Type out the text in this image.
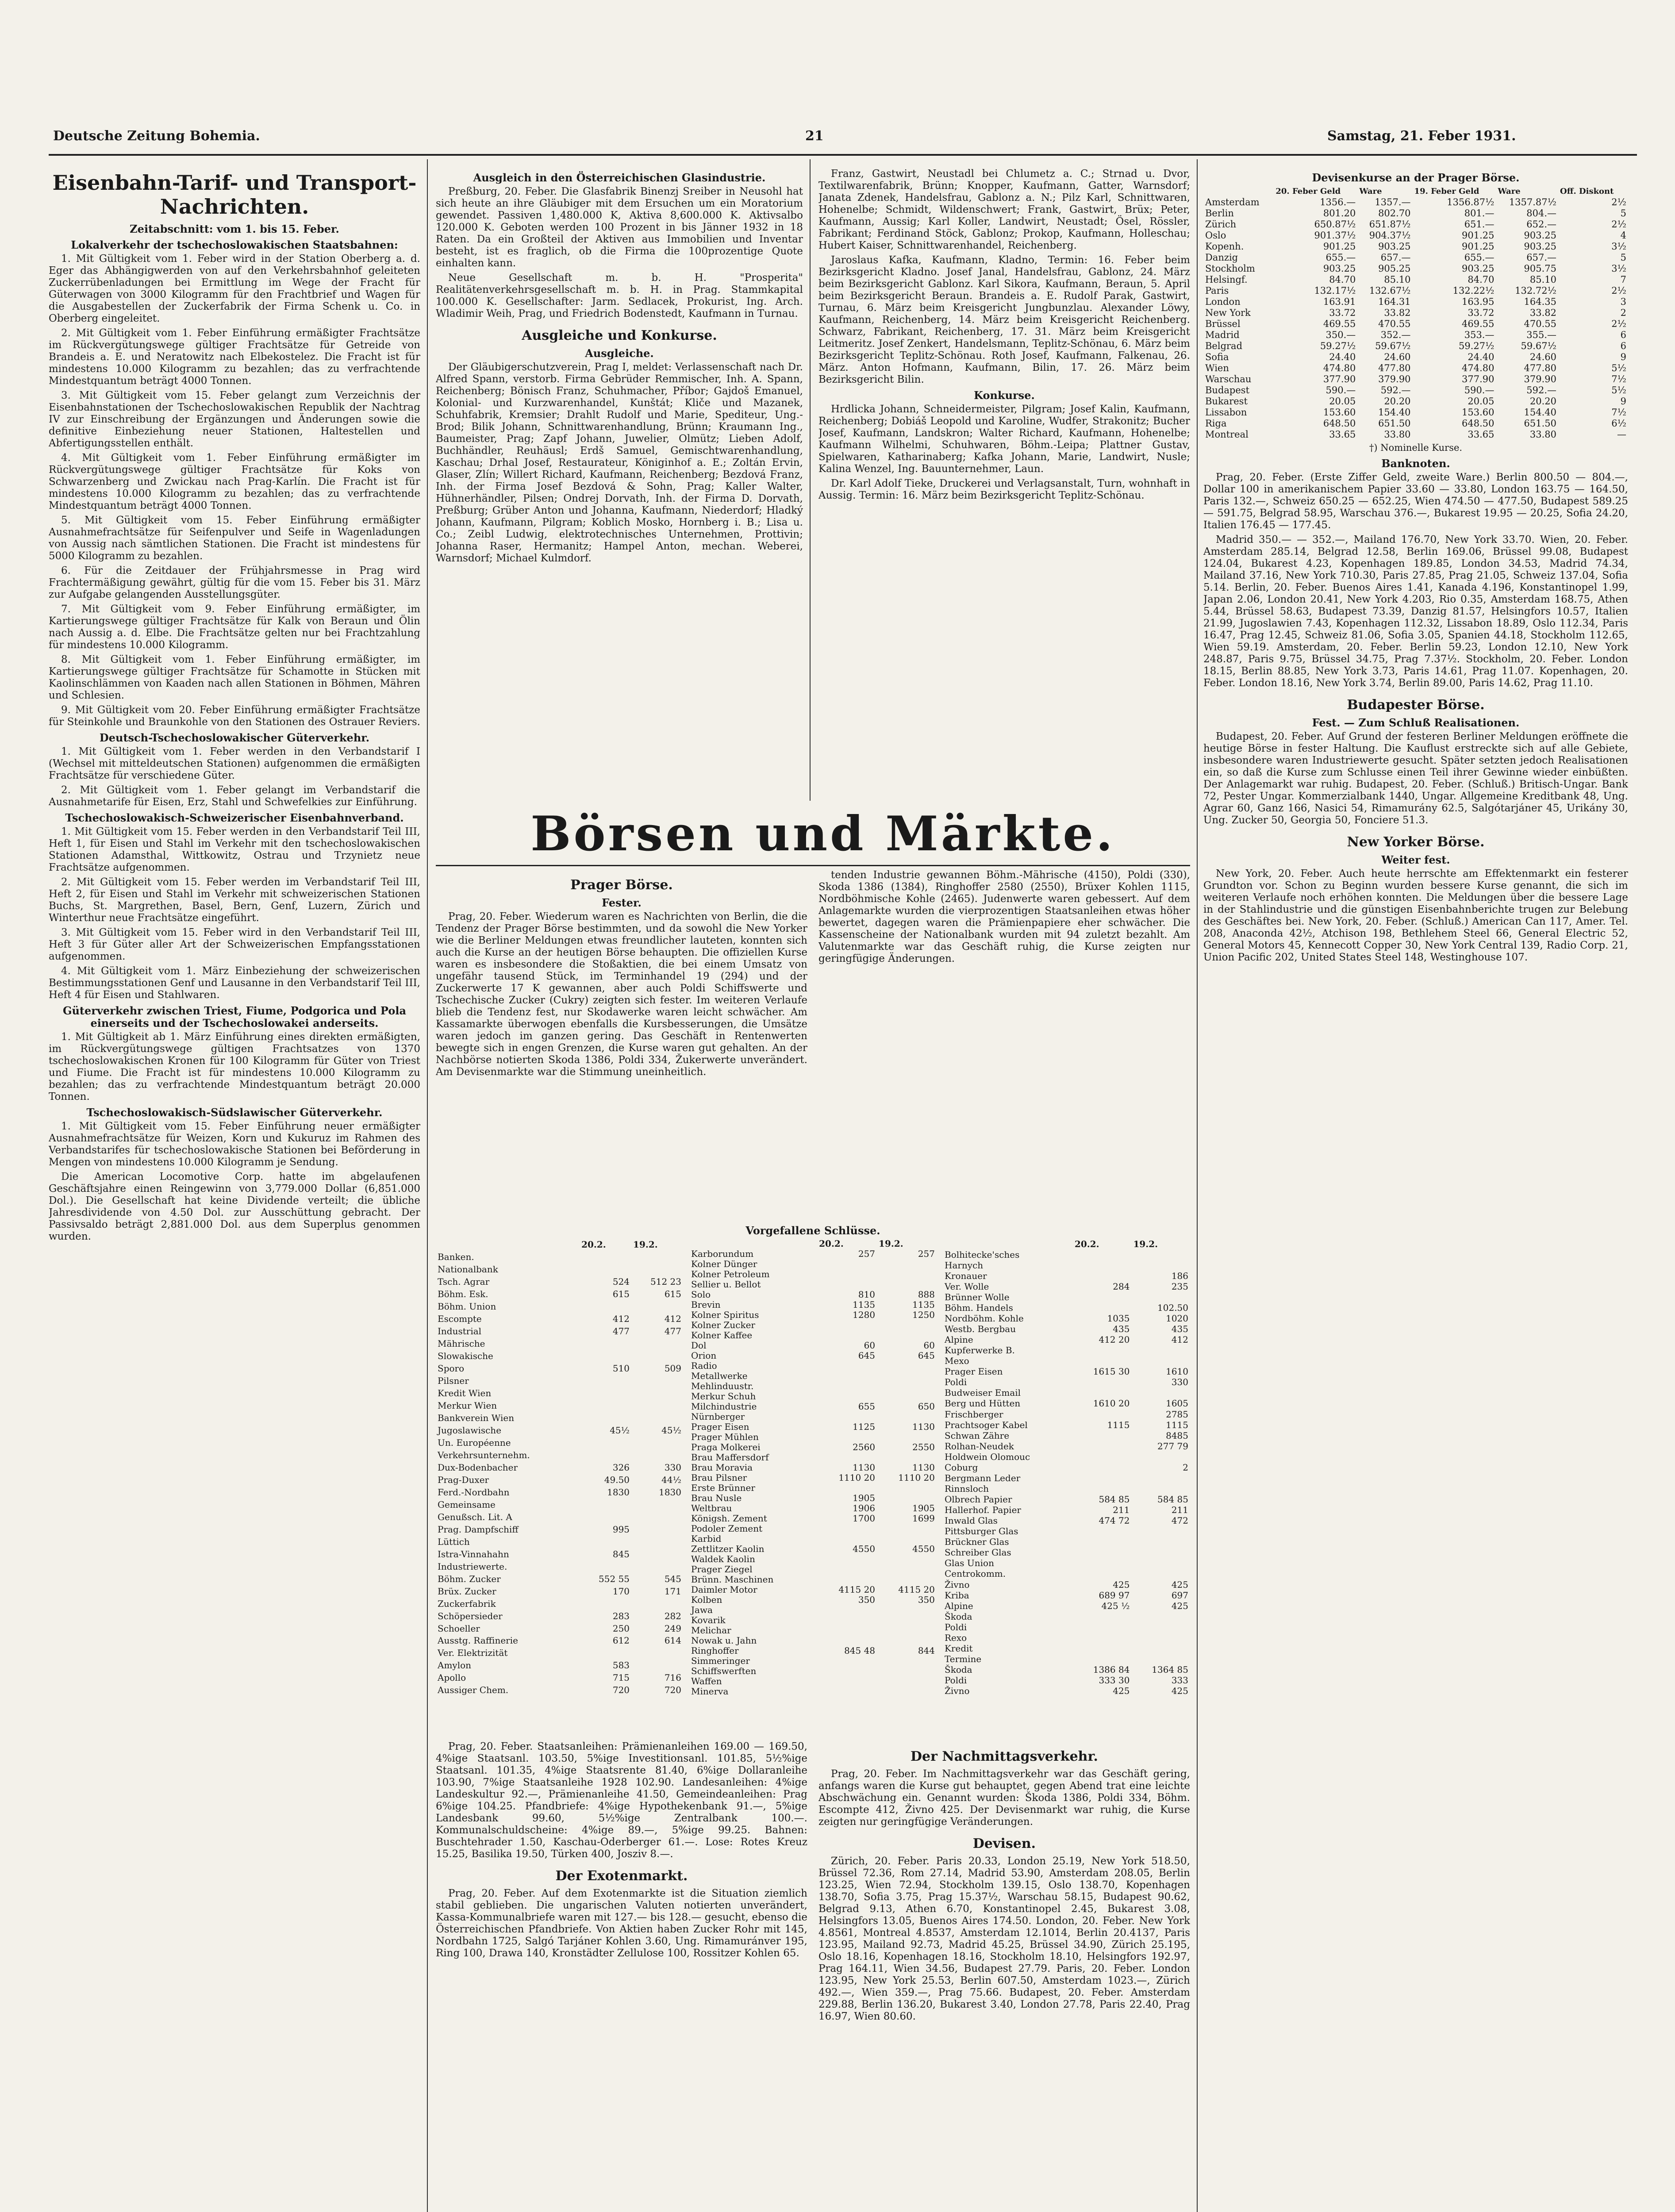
Deutsche Zeitung Bohemia.	21	Samstag, 21. Feber 1931.
Eisenbahn-Tarif- und Transport-Nachrichten.
Zeitabschnitt: vom 1. bis 15. Feber.
Lokalverkehr der tschechoslowakischen Staatsbahnen:

1. Mit Gültigkeit vom 1. Feber wird in der Station Oberberg a. d. Eger das Abhängigwerden von auf den Verkehrsbahnhof geleiteten Zuckerrübenladungen bei Ermittlung im Wege der Fracht für Güterwagen von 3000 Kilogramm für den Frachtbrief und Wagen für die Ausgabestellen der Zuckerfabrik der Firma Schenk u. Co. in Oberberg eingeleitet.

2. Mit Gültigkeit vom 1. Feber Einführung ermäßigter Frachtsätze im Rückvergütungswege gültiger Frachtsätze für Getreide von Brandeis a. E. und Neratowitz nach Elbekostelez. Die Fracht ist für mindestens 10.000 Kilogramm zu bezahlen; das zu verfrachtende Mindestquantum beträgt 4000 Tonnen.

3. Mit Gültigkeit vom 15. Feber gelangt zum Verzeichnis der Eisenbahnstationen der Tschechoslowakischen Republik der Nachtrag IV zur Einschreibung der Ergänzungen und Änderungen sowie die definitive Einbeziehung neuer Stationen, Haltestellen und Abfertigungsstellen enthält.

4. Mit Gültigkeit vom 1. Feber Einführung ermäßigter im Rückvergütungswege gültiger Frachtsätze für Koks von Schwarzenberg und Zwickau nach Prag-Karlín. Die Fracht ist für mindestens 10.000 Kilogramm zu bezahlen; das zu verfrachtende Mindestquantum beträgt 4000 Tonnen.

5. Mit Gültigkeit vom 15. Feber Einführung ermäßigter Ausnahmefrachtsätze für Seifenpulver und Seife in Wagenladungen von Aussig nach sämtlichen Stationen. Die Fracht ist mindestens für 5000 Kilogramm zu bezahlen.

6. Für die Zeitdauer der Frühjahrsmesse in Prag wird Frachtermäßigung gewährt, gültig für die vom 15. Feber bis 31. März zur Aufgabe gelangenden Ausstellungsgüter.

7. Mit Gültigkeit vom 9. Feber Einführung ermäßigter, im Kartierungswege gültiger Frachtsätze für Kalk von Beraun und Ölin nach Aussig a. d. Elbe. Die Frachtsätze gelten nur bei Frachtzahlung für mindestens 10.000 Kilogramm.

8. Mit Gültigkeit vom 1. Feber Einführung ermäßigter, im Kartierungswege gültiger Frachtsätze für Schamotte in Stücken mit Kaolinschlämmen von Kaaden nach allen Stationen in Böhmen, Mähren und Schlesien.

9. Mit Gültigkeit vom 20. Feber Einführung ermäßigter Frachtsätze für Steinkohle und Braunkohle von den Stationen des Ostrauer Reviers.

Deutsch-Tschechoslowakischer Güterverkehr.

1. Mit Gültigkeit vom 1. Feber werden in den Verbandstarif I (Wechsel mit mitteldeutschen Stationen) aufgenommen die ermäßigten Frachtsätze für verschiedene Güter.

2. Mit Gültigkeit vom 1. Feber gelangt im Verbandstarif die Ausnahmetarife für Eisen, Erz, Stahl und Schwefelkies zur Einführung.

Tschechoslowakisch-Schweizerischer Eisenbahnverband.

1. Mit Gültigkeit vom 15. Feber werden in den Verbandstarif Teil III, Heft 1, für Eisen und Stahl im Verkehr mit den tschechoslowakischen Stationen Adamsthal, Wittkowitz, Ostrau und Trzynietz neue Frachtsätze aufgenommen.

2. Mit Gültigkeit vom 15. Feber werden im Verbandstarif Teil III, Heft 2, für Eisen und Stahl im Verkehr mit schweizerischen Stationen Buchs, St. Margrethen, Basel, Bern, Genf, Luzern, Zürich und Winterthur neue Frachtsätze eingeführt.

3. Mit Gültigkeit vom 15. Feber wird in den Verbandstarif Teil III, Heft 3 für Güter aller Art der Schweizerischen Empfangsstationen aufgenommen.

4. Mit Gültigkeit vom 1. März Einbeziehung der schweizerischen Bestimmungsstationen Genf und Lausanne in den Verbandstarif Teil III, Heft 4 für Eisen und Stahlwaren.

Güterverkehr zwischen Triest, Fiume, Podgorica und Pola einerseits und der Tschechoslowakei anderseits.

1. Mit Gültigkeit ab 1. März Einführung eines direkten ermäßigten, im Rückvergütungswege gültigen Frachtsatzes von 1370 tschechoslowakischen Kronen für 100 Kilogramm für Güter von Triest und Fiume. Die Fracht ist für mindestens 10.000 Kilogramm zu bezahlen; das zu verfrachtende Mindestquantum beträgt 20.000 Tonnen.

Tschechoslowakisch-Südslawischer Güterverkehr.

1. Mit Gültigkeit vom 15. Feber Einführung neuer ermäßigter Ausnahmefrachtsätze für Weizen, Korn und Kukuruz im Rahmen des Verbandstarifes für tschechoslowakische Stationen bei Beförderung in Mengen von mindestens 10.000 Kilogramm je Sendung.

Die American Locomotive Corp. hatte im abgelaufenen Geschäftsjahre einen Reingewinn von 3,779.000 Dollar (6,851.000 Dol.). Die Gesellschaft hat keine Dividende verteilt; die übliche Jahresdividende von 4.50 Dol. zur Ausschüttung gebracht. Der Passivsaldo beträgt 2,881.000 Dol. aus dem Superplus genommen wurden.

Ausgleich in den Österreichischen Glasindustrie.

Preßburg, 20. Feber. Die Glasfabrik Binenzj Sreiber in Neusohl hat sich heute an ihre Gläubiger mit dem Ersuchen um ein Moratorium gewendet. Passiven 1,480.000 K, Aktiva 8,600.000 K. Aktivsalbo 120.000 K. Geboten werden 100 Prozent in bis Jänner 1932 in 18 Raten. Da ein Großteil der Aktiven aus Immobilien und Inventar besteht, ist es fraglich, ob die Firma die 100prozentige Quote einhalten kann.

Neue Gesellschaft m. b. H. "Prosperita" Realitätenverkehrsgesellschaft m. b. H. in Prag. Stammkapital 100.000 K. Gesellschafter: Jarm. Sedlacek, Prokurist, Ing. Arch. Wladimir Weih, Prag, und Friedrich Bodenstedt, Kaufmann in Turnau.

Ausgleiche und Konkurse.
Ausgleiche.

Der Gläubigerschutzverein, Prag I, meldet: Verlassenschaft nach Dr. Alfred Spann, verstorb. Firma Gebrüder Remmischer, Inh. A. Spann, Reichenberg; Bönisch Franz, Schuhmacher, Příbor; Gajdoš Emanuel, Kolonial- und Kurzwarenhandel, Kunštát; Kliče und Mazanek, Schuhfabrik, Kremsier; Drahlt Rudolf und Marie, Spediteur, Ung.-Brod; Bilik Johann, Schnittwarenhandlung, Brünn; Kraumann Ing., Baumeister, Prag; Zapf Johann, Juwelier, Olmütz; Lieben Adolf, Buchhändler, Reuhäusl; Erdš Samuel, Gemischtwarenhandlung, Kaschau; Drhal Josef, Restaurateur, Königinhof a. E.; Zoltán Ervin, Glaser, Zlín; Willert Richard, Kaufmann, Reichenberg; Bezdová Franz, Inh. der Firma Josef Bezdová & Sohn, Prag; Kaller Walter, Hühnerhändler, Pilsen; Ondrej Dorvath, Inh. der Firma D. Dorvath, Preßburg; Grüber Anton und Johanna, Kaufmann, Niederdorf; Hladký Johann, Kaufmann, Pilgram; Koblich Mosko, Hornberg i. B.; Lisa u. Co.; Zeibl Ludwig, elektrotechnisches Unternehmen, Prottivin; Johanna Raser, Hermanitz; Hampel Anton, mechan. Weberei, Warnsdorf; Michael Kulmdorf.

Franz, Gastwirt, Neustadl bei Chlumetz a. C.; Strnad u. Dvor, Textilwarenfabrik, Brünn; Knopper, Kaufmann, Gatter, Warnsdorf; Janata Zdenek, Handelsfrau, Gablonz a. N.; Pilz Karl, Schnittwaren, Hohenelbe; Schmidt, Wildenschwert; Frank, Gastwirt, Brüx; Peter, Kaufmann, Aussig; Karl Koller, Landwirt, Neustadt; Ösel, Rössler, Fabrikant; Ferdinand Stöck, Gablonz; Prokop, Kaufmann, Holleschau; Hubert Kaiser, Schnittwarenhandel, Reichenberg.

Jaroslaus Kafka, Kaufmann, Kladno, Termin: 16. Feber beim Bezirksgericht Kladno. Josef Janal, Handelsfrau, Gablonz, 24. März beim Bezirksgericht Gablonz. Karl Sikora, Kaufmann, Beraun, 5. April beim Bezirksgericht Beraun. Brandeis a. E. Rudolf Parak, Gastwirt, Turnau, 6. März beim Kreisgericht Jungbunzlau. Alexander Löwy, Kaufmann, Reichenberg, 14. März beim Kreisgericht Reichenberg. Schwarz, Fabrikant, Reichenberg, 17. 31. März beim Kreisgericht Leitmeritz. Josef Zenkert, Handelsmann, Teplitz-Schönau, 6. März beim Bezirksgericht Teplitz-Schönau. Roth Josef, Kaufmann, Falkenau, 26. März. Anton Hofmann, Kaufmann, Bilin, 17. 26. März beim Bezirksgericht Bilin.

Konkurse.

Hrdlicka Johann, Schneidermeister, Pilgram; Josef Kalin, Kaufmann, Reichenberg; Dobiáš Leopold und Karoline, Wudfer, Strakonitz; Bucher Josef, Kaufmann, Landskron; Walter Richard, Kaufmann, Hohenelbe; Kaufmann Wilhelmi, Schuhwaren, Böhm.-Leipa; Plattner Gustav, Spielwaren, Katharinaberg; Kafka Johann, Marie, Landwirt, Nusle; Kalina Wenzel, Ing. Bauunternehmer, Laun.

Dr. Karl Adolf Tieke, Druckerei und Verlagsanstalt, Turn, wohnhaft in Aussig. Termin: 16. März beim Bezirksgericht Teplitz-Schönau.

Devisenkurse an der Prager Börse.
	20. Feber Geld	Ware	19. Feber Geld	Ware	Off. Diskont
Amsterdam	1356.—	1357.—	1356.87½	1357.87½	2½
Berlin	801.20	802.70	801.—	804.—	5
Zürich	650.87½	651.87½	651.—	652.—	2½
Oslo	901.37½	904.37½	901.25	903.25	4
Kopenh.	901.25	903.25	901.25	903.25	3½
Danzig	655.—	657.—	655.—	657.—	5
Stockholm	903.25	905.25	903.25	905.75	3½
Helsingf.	84.70	85.10	84.70	85.10	7
Paris	132.17½	132.67½	132.22½	132.72½	2½
London	163.91	164.31	163.95	164.35	3
New York	33.72	33.82	33.72	33.82	2
Brüssel	469.55	470.55	469.55	470.55	2½
Madrid	350.—	352.—	353.—	355.—	6
Belgrad	59.27½	59.67½	59.27½	59.67½	6
Sofia	24.40	24.60	24.40	24.60	9
Wien	474.80	477.80	474.80	477.80	5½
Warschau	377.90	379.90	377.90	379.90	7½
Budapest	590.—	592.—	590.—	592.—	5½
Bukarest	20.05	20.20	20.05	20.20	9
Lissabon	153.60	154.40	153.60	154.40	7½
Riga	648.50	651.50	648.50	651.50	6½
Montreal	33.65	33.80	33.65	33.80	—
†) Nominelle Kurse.
Banknoten.

Prag, 20. Feber. (Erste Ziffer Geld, zweite Ware.) Berlin 800.50 — 804.—, Dollar 100 in amerikanischem Papier 33.60 — 33.80, London 163.75 — 164.50, Paris 132.—, Schweiz 650.25 — 652.25, Wien 474.50 — 477.50, Budapest 589.25 — 591.75, Belgrad 58.95, Warschau 376.—, Bukarest 19.95 — 20.25, Sofia 24.20, Italien 176.45 — 177.45.

Madrid 350.— — 352.—, Mailand 176.70, New York 33.70. Wien, 20. Feber. Amsterdam 285.14, Belgrad 12.58, Berlin 169.06, Brüssel 99.08, Budapest 124.04, Bukarest 4.23, Kopenhagen 189.85, London 34.53, Madrid 74.34, Mailand 37.16, New York 710.30, Paris 27.85, Prag 21.05, Schweiz 137.04, Sofia 5.14. Berlin, 20. Feber. Buenos Aires 1.41, Kanada 4.196, Konstantinopel 1.99, Japan 2.06, London 20.41, New York 4.203, Rio 0.35, Amsterdam 168.75, Athen 5.44, Brüssel 58.63, Budapest 73.39, Danzig 81.57, Helsingfors 10.57, Italien 21.99, Jugoslawien 7.43, Kopenhagen 112.32, Lissabon 18.89, Oslo 112.34, Paris 16.47, Prag 12.45, Schweiz 81.06, Sofia 3.05, Spanien 44.18, Stockholm 112.65, Wien 59.19. Amsterdam, 20. Feber. Berlin 59.23, London 12.10, New York 248.87, Paris 9.75, Brüssel 34.75, Prag 7.37½. Stockholm, 20. Feber. London 18.15, Berlin 88.85, New York 3.73, Paris 14.61, Prag 11.07. Kopenhagen, 20. Feber. London 18.16, New York 3.74, Berlin 89.00, Paris 14.62, Prag 11.10.

Budapester Börse.
Fest. — Zum Schluß Realisationen.

Budapest, 20. Feber. Auf Grund der festeren Berliner Meldungen eröffnete die heutige Börse in fester Haltung. Die Kauflust erstreckte sich auf alle Gebiete, insbesondere waren Industriewerte gesucht. Später setzten jedoch Realisationen ein, so daß die Kurse zum Schlusse einen Teil ihrer Gewinne wieder einbüßten. Der Anlagemarkt war ruhig. Budapest, 20. Feber. (Schluß.) Britisch-Ungar. Bank 72, Pester Ungar. Kommerzialbank 1440, Ungar. Allgemeine Kreditbank 48, Ung. Agrar 60, Ganz 166, Nasici 54, Rimamurány 62.5, Salgótarjáner 45, Urikány 30, Ung. Zucker 50, Georgia 50, Fonciere 51.3.

New Yorker Börse.
Weiter fest.

New York, 20. Feber. Auch heute herrschte am Effektenmarkt ein festerer Grundton vor. Schon zu Beginn wurden bessere Kurse genannt, die sich im weiteren Verlaufe noch erhöhen konnten. Die Meldungen über die bessere Lage in der Stahlindustrie und die günstigen Eisenbahnberichte trugen zur Belebung des Geschäftes bei. New York, 20. Feber. (Schluß.) American Can 117, Amer. Tel. 208, Anaconda 42½, Atchison 198, Bethlehem Steel 66, General Electric 52, General Motors 45, Kennecott Copper 30, New York Central 139, Radio Corp. 21, Union Pacific 202, United States Steel 148, Westinghouse 107.

Börsen und Märkte.
Prager Börse.
Fester.

Prag, 20. Feber. Wiederum waren es Nachrichten von Berlin, die die Tendenz der Prager Börse bestimmten, und da sowohl die New Yorker wie die Berliner Meldungen etwas freundlicher lauteten, konnten sich auch die Kurse an der heutigen Börse behaupten. Die offiziellen Kurse waren es insbesondere die Stoßaktien, die bei einem Umsatz von ungefähr tausend Stück, im Terminhandel 19 (294) und der Zuckerwerte 17 K gewannen, aber auch Poldi Schiffswerte und Tschechische Zucker (Cukry) zeigten sich fester. Im weiteren Verlaufe blieb die Tendenz fest, nur Skodawerke waren leicht schwächer. Am Kassamarkte überwogen ebenfalls die Kursbesserungen, die Umsätze waren jedoch im ganzen gering. Das Geschäft in Rentenwerten bewegte sich in engen Grenzen, die Kurse waren gut gehalten. An der Nachbörse notierten Skoda 1386, Poldi 334, Žukerwerte unverändert. Am Devisenmarkte war die Stimmung uneinheitlich.

tenden Industrie gewannen Böhm.-Mährische (4150), Poldi (330), Skoda 1386 (1384), Ringhoffer 2580 (2550), Brüxer Kohlen 1115, Nordböhmische Kohle (2465). Judenwerte waren gebessert. Auf dem Anlagemarkte wurden die vierprozentigen Staatsanleihen etwas höher bewertet, dagegen waren die Prämienpapiere eher schwächer. Die Kassenscheine der Nationalbank wurden mit 94 zuletzt bezahlt. Am Valutenmarkte war das Geschäft ruhig, die Kurse zeigten nur geringfügige Änderungen.

Vorgefallene Schlüsse.
	20.2.	19.2.
Banken.		
Nationalbank		
Tsch. Agrar	524	512 23
Böhm. Esk.	615	615
Böhm. Union		
Escompte	412	412
Industrial	477	477
Mährische		
Slowakische		
Sporo	510	509
Pilsner		
Kredit Wien		
Merkur Wien		
Bankverein Wien		
Jugoslawische	45½	45½
Un. Européenne		
Verkehrsunternehm.		
Dux-Bodenbacher	326	330
Prag-Duxer	49.50	44½
Ferd.-Nordbahn	1830	1830
Gemeinsame		
Genußsch. Lit. A		
Prag. Dampfschiff	995	
Lüttich		
Istra-Vinnahahn	845	
Industriewerte.		
Böhm. Zucker	552 55	545
Brüx. Zucker	170	171
Zuckerfabrik		
Schöpersieder	283	282
Schoeller	250	249
Ausstg. Raffinerie	612	614
Ver. Elektrizität		
Amylon	583	
Apollo	715	716
Aussiger Chem.	720	720
	20.2.	19.2.
Karborundum	257	257
Kolner Dünger		
Kolner Petroleum		
Sellier u. Bellot		
Solo	810	888
Brevin	1135	1135
Kolner Spiritus	1280	1250
Kolner Zucker		
Kolner Kaffee		
Dol	60	60
Orion	645	645
Radio		
Metallwerke		
Mehlinduustr.		
Merkur Schuh		
Milchindustrie	655	650
Nürnberger		
Prager Eisen	1125	1130
Prager Mühlen		
Praga Molkerei	2560	2550
Brau Maffersdorf		
Brau Moravia	1130	1130
Brau Pilsner	1110 20	1110 20
Erste Brünner		
Brau Nusle	1905	
Weltbrau	1906	1905
Königsh. Zement	1700	1699
Podoler Zement		
Karbid		
Zettlitzer Kaolin	4550	4550
Waldek Kaolin		
Prager Ziegel		
Brünn. Maschinen		
Daimler Motor	4115 20	4115 20
Kolben	350	350
Jawa		
Kovarik		
Melichar		
Nowak u. Jahn		
Ringhoffer	845 48	844
Simmeringer		
Schiffswerften		
Waffen		
Minerva		
	20.2.	19.2.
Bolhitecke'sches		
Harnych		
Kronauer		186
Ver. Wolle	284	235
Brünner Wolle		
Böhm. Handels		102.50
Nordböhm. Kohle	1035	1020
Westb. Bergbau	435	435
Alpine	412 20	412
Kupferwerke B.		
Mexo		
Prager Eisen	1615 30	1610
Poldi		330
Budweiser Email		
Berg und Hütten	1610 20	1605
Frischberger		2785
Prachtsoger Kabel	1115	1115
Schwan Zähre		8485
Rolhan-Neudek		277 79
Holdwein Olomouc		
Coburg		2
Bergmann Leder		
Rinnsloch		
Olbrech Papier	584 85	584 85
Hallerhof. Papier	211	211
Inwald Glas	474 72	472
Pittsburger Glas		
Brückner Glas		
Schreiber Glas		
Glas Union		
Centrokomm.		
Živno	425	425
Kriba	689 97	697
Alpine	425 ½	425
Škoda		
Poldi		
Rexo		
Kredit		
Termine		
Škoda	1386 84	1364 85
Poldi	333 30	333
Živno	425	425

Prag, 20. Feber. Staatsanleihen: Prämienanleihen 169.00 — 169.50, 4%ige Staatsanl. 103.50, 5%ige Investitionsanl. 101.85, 5½%ige Staatsanl. 101.35, 4%ige Staatsrente 81.40, 6%ige Dollaranleihe 103.90, 7%ige Staatsanleihe 1928 102.90. Landesanleihen: 4%ige Landeskultur 92.—, Prämienanleihe 41.50, Gemeindeanleihen: Prag 6%ige 104.25. Pfandbriefe: 4%ige Hypothekenbank 91.—, 5%ige Landesbank 99.60, 5½%ige Zentralbank 100.—. Kommunalschuldscheine: 4%ige 89.—, 5%ige 99.25. Bahnen: Buschtehrader 1.50, Kaschau-Oderberger 61.—. Lose: Rotes Kreuz 15.25, Basilika 19.50, Türken 400, Josziv 8.—.

Der Exotenmarkt.

Prag, 20. Feber. Auf dem Exotenmarkte ist die Situation ziemlich stabil geblieben. Die ungarischen Valuten notierten unverändert, Kassa-Kommunalbriefe waren mit 127.— bis 128.— gesucht, ebenso die Österreichischen Pfandbriefe. Von Aktien haben Zucker Rohr mit 145, Nordbahn 1725, Salgó Tarjáner Kohlen 3.60, Ung. Rimamuránver 195, Ring 100, Drawa 140, Kronstädter Zellulose 100, Rossitzer Kohlen 65.

Der Nachmittagsverkehr.

Prag, 20. Feber. Im Nachmittagsverkehr war das Geschäft gering, anfangs waren die Kurse gut behauptet, gegen Abend trat eine leichte Abschwächung ein. Genannt wurden: Škoda 1386, Poldi 334, Böhm. Escompte 412, Živno 425. Der Devisenmarkt war ruhig, die Kurse zeigten nur geringfügige Veränderungen.

Devisen.

Zürich, 20. Feber. Paris 20.33, London 25.19, New York 518.50, Brüssel 72.36, Rom 27.14, Madrid 53.90, Amsterdam 208.05, Berlin 123.25, Wien 72.94, Stockholm 139.15, Oslo 138.70, Kopenhagen 138.70, Sofia 3.75, Prag 15.37½, Warschau 58.15, Budapest 90.62, Belgrad 9.13, Athen 6.70, Konstantinopel 2.45, Bukarest 3.08, Helsingfors 13.05, Buenos Aires 174.50. London, 20. Feber. New York 4.8561, Montreal 4.8537, Amsterdam 12.1014, Berlin 20.4137, Paris 123.95, Mailand 92.73, Madrid 45.25, Brüssel 34.90, Zürich 25.195, Oslo 18.16, Kopenhagen 18.16, Stockholm 18.10, Helsingfors 192.97, Prag 164.11, Wien 34.56, Budapest 27.79. Paris, 20. Feber. London 123.95, New York 25.53, Berlin 607.50, Amsterdam 1023.—, Zürich 492.—, Wien 359.—, Prag 75.66. Budapest, 20. Feber. Amsterdam 229.88, Berlin 136.20, Bukarest 3.40, London 27.78, Paris 22.40, Prag 16.97, Wien 80.60.
